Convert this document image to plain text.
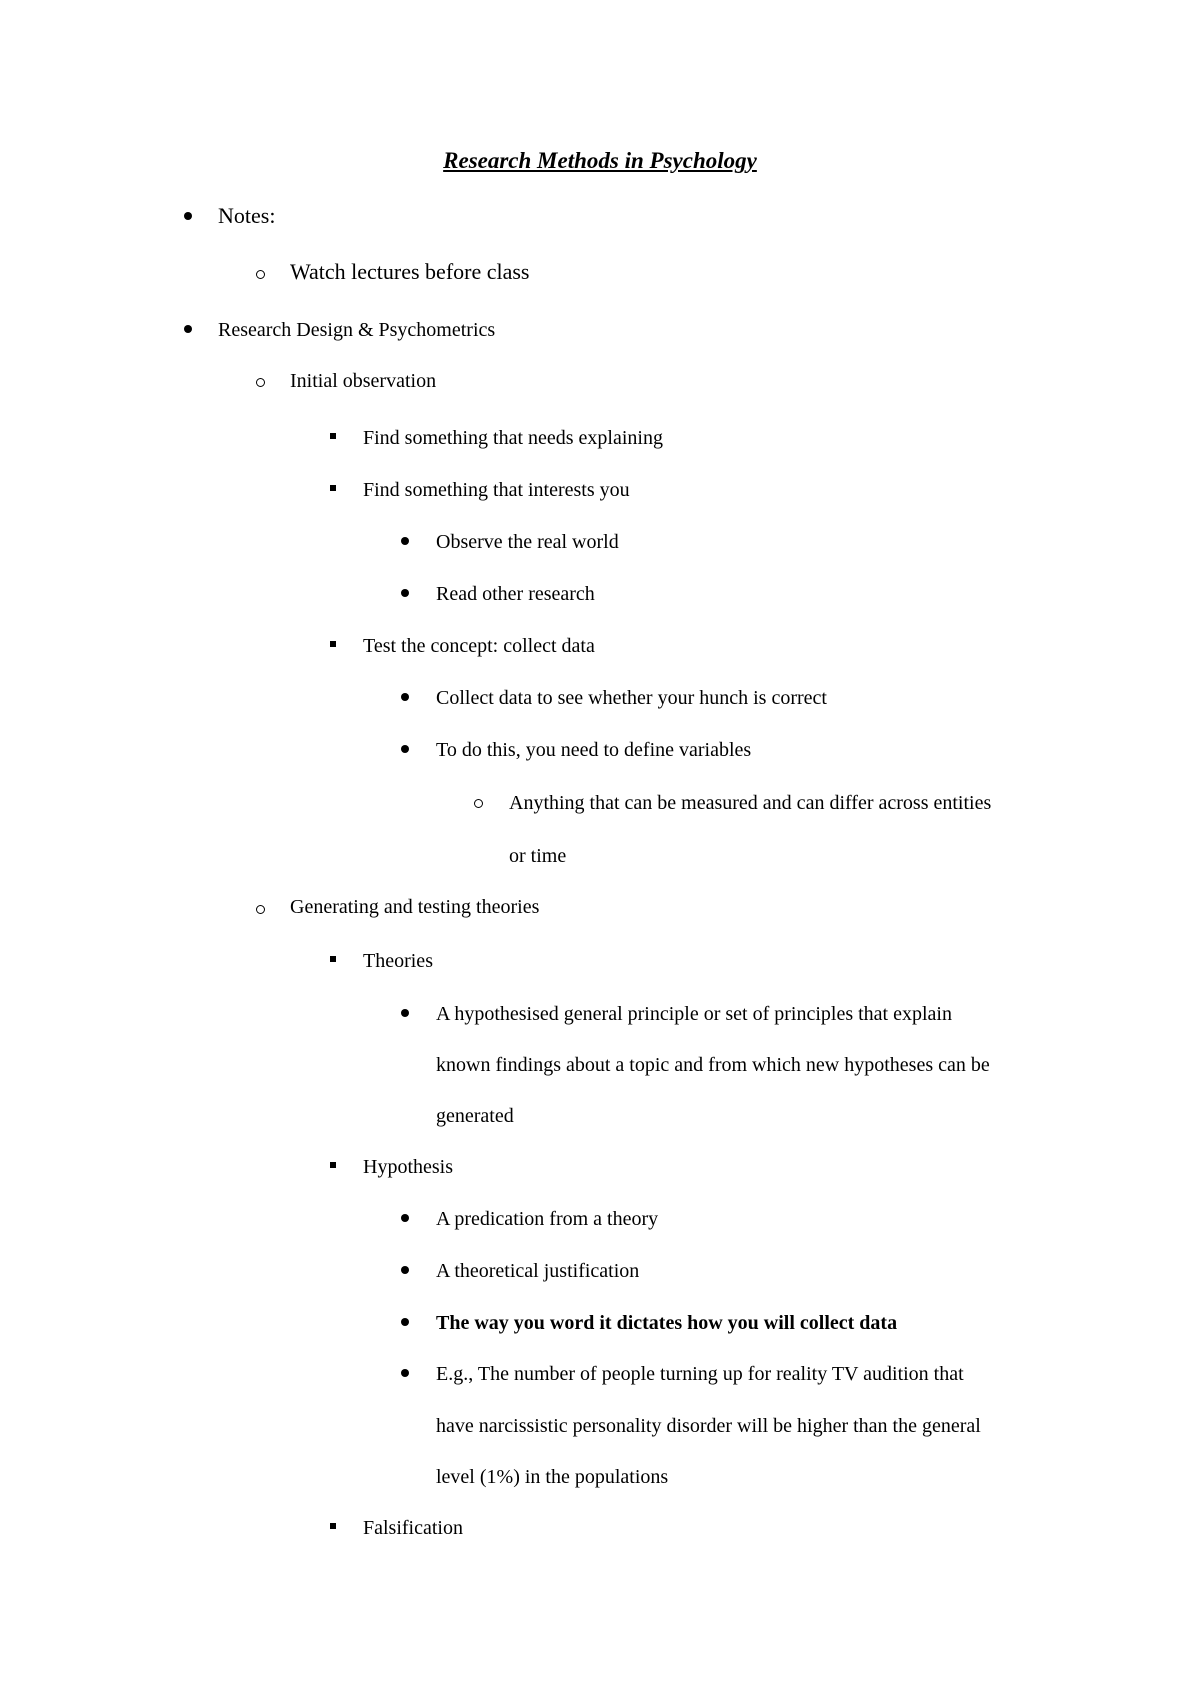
Research Methods in Psychology
Notes:
Watch lectures before class
Research Design & Psychometrics
Initial observation
Find something that needs explaining
Find something that interests you
Observe the real world
Read other research
Test the concept: collect data
Collect data to see whether your hunch is correct
To do this, you need to define variables
Anything that can be measured and can differ across entities
or time
Generating and testing theories
Theories
A hypothesised general principle or set of principles that explain
known findings about a topic and from which new hypotheses can be
generated
Hypothesis
A predication from a theory
A theoretical justification
The way you word it dictates how you will collect data
E.g., The number of people turning up for reality TV audition that
have narcissistic personality disorder will be higher than the general
level (1%) in the populations
Falsification
